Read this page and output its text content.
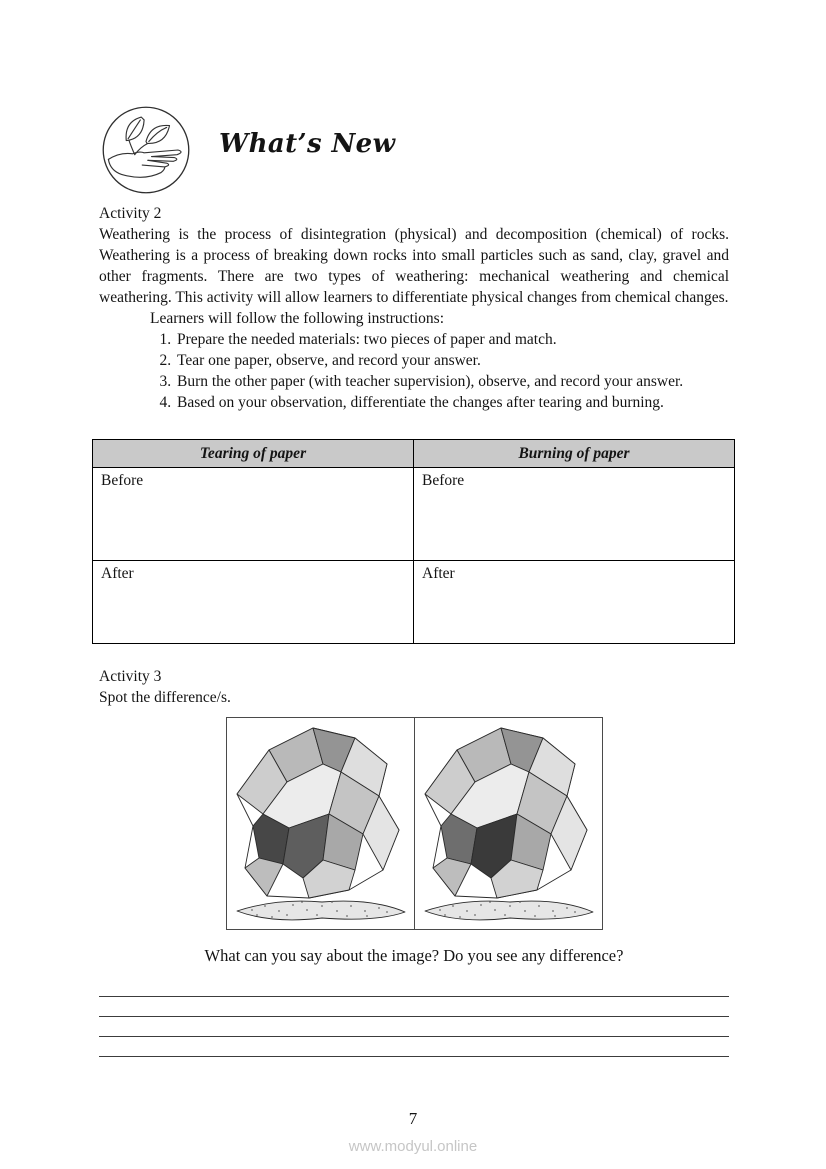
What’s New

Activity 2

Weathering is the process of disintegration (physical) and decomposition (chemical) of rocks. Weathering is a process of breaking down rocks into small particles such as sand, clay, gravel and other fragments. There are two types of weathering: mechanical weathering and chemical weathering. This activity will allow learners to differentiate physical changes from chemical changes.

Learners will follow the following instructions:

1. Prepare the needed materials: two pieces of paper and match.
2. Tear one paper, observe, and record your answer.
3. Burn the other paper (with teacher supervision), observe, and record your answer.
4. Based on your observation, differentiate the changes after tearing and burning.
Tearing of paper	Burning of paper
Before	Before
After	After

Activity 3

Spot the difference/s.

What can you say about the image? Do you see any difference?

7

www.modyul.online
